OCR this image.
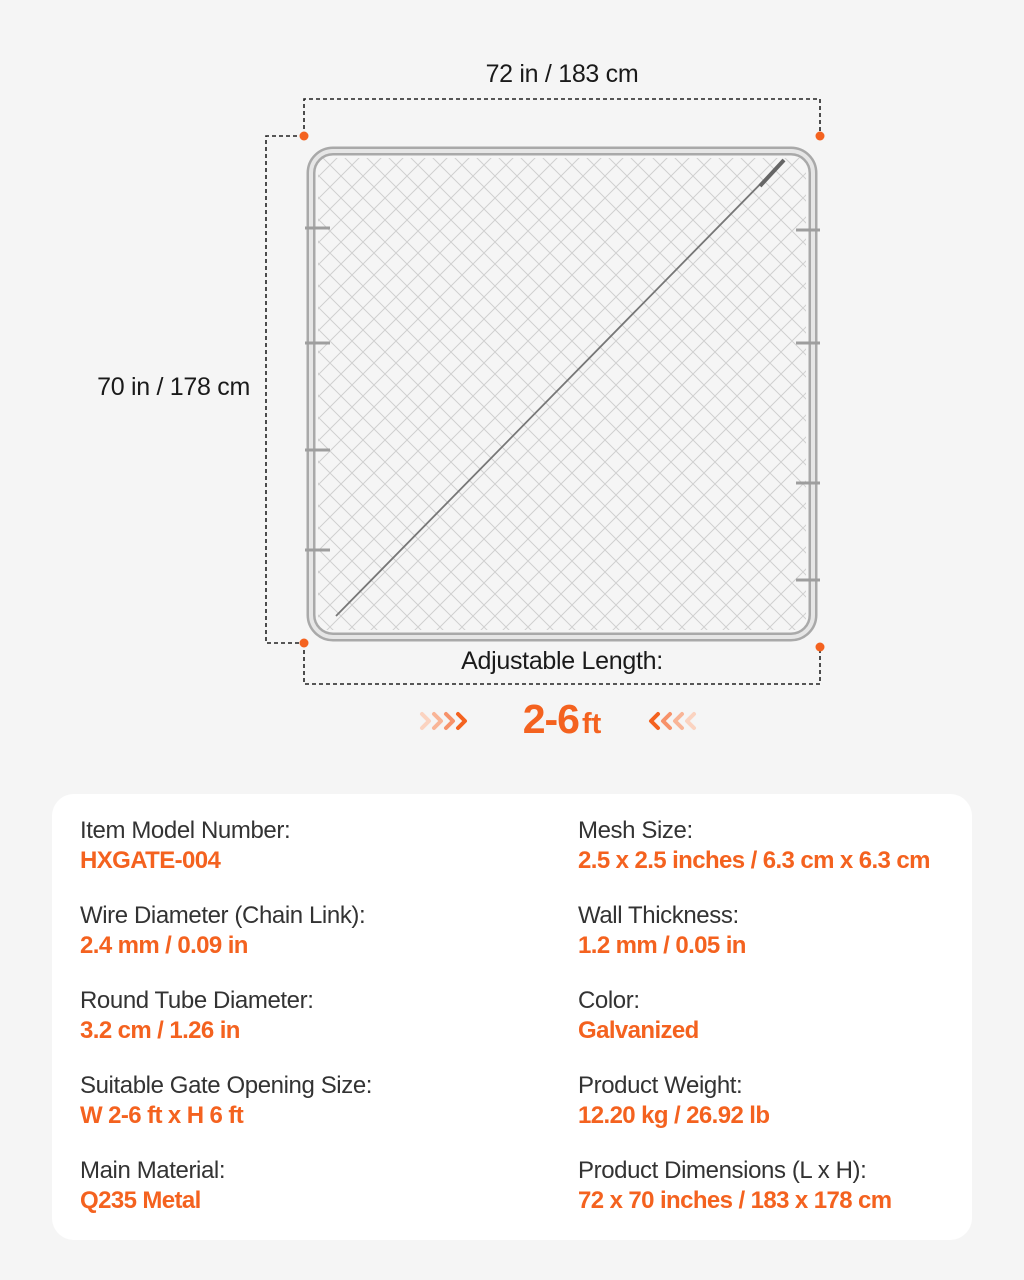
72 in / 183 cm
70 in / 178 cm
Adjustable Length:
2-6 ft
Item Model Number:
HXGATE-004
Wire Diameter (Chain Link):
2.4 mm / 0.09 in
Round Tube Diameter:
3.2 cm / 1.26 in
Suitable Gate Opening Size:
W 2-6 ft x H 6 ft
Main Material:
Q235 Metal
Mesh Size:
2.5 x 2.5 inches / 6.3 cm x 6.3 cm
Wall Thickness:
1.2 mm / 0.05 in
Color:
Galvanized
Product Weight:
12.20 kg / 26.92 lb
Product Dimensions (L x H):
72 x 70 inches / 183 x 178 cm
